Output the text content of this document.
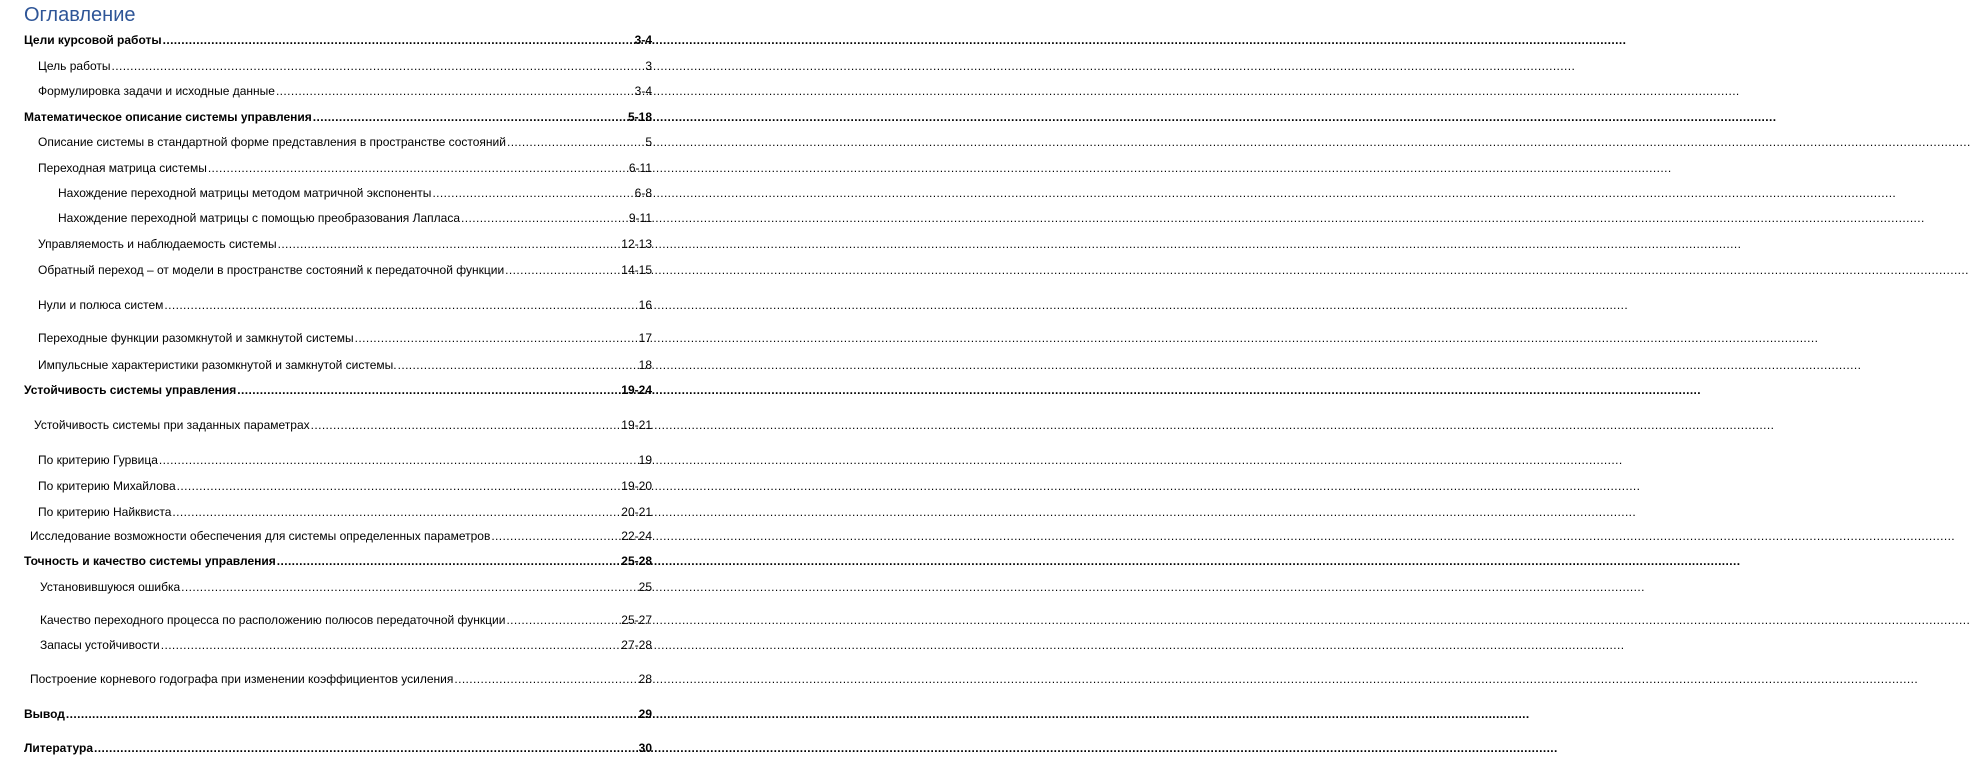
Оглавление
Цели курсовой работы .....	3-4
Цель работы .....	3
Формулировка задачи и исходные данные .....	3-4
Математическое описание системы управления .....	5-18
Описание системы в стандартной форме представления в пространстве состояний .....	5
Переходная матрица системы .....	6-11
Нахождение переходной матрицы методом матричной экспоненты .....	6-8
Нахождение переходной матрицы с помощью преобразования Лапласа .....	9-11
Управляемость и наблюдаемость системы .....	12-13
Обратный переход – от модели в пространстве состояний к передаточной функции .....	14-15
Нули и полюса систем .....	16
Переходные функции разомкнутой и замкнутой системы .....	17
Импульсные характеристики разомкнутой и замкнутой системы. .....	18
Устойчивость системы управления .....	19-24
Устойчивость системы при заданных параметрах .....	19-21
По критерию Гурвица .....	19
По критерию Михайлова .....	19-20
По критерию Найквиста .....	20-21
Исследование возможности обеспечения для системы определенных параметров .....	22-24
Точность и качество системы управления .....	25-28
Установившуюся ошибка .....	25
Качество переходного процесса по расположению полюсов передаточной функции .....	25-27
Запасы устойчивости .....	27-28
Построение корневого годографа при изменении коэффициентов усиления .....	28
Вывод .....	29
Литература .....	30
